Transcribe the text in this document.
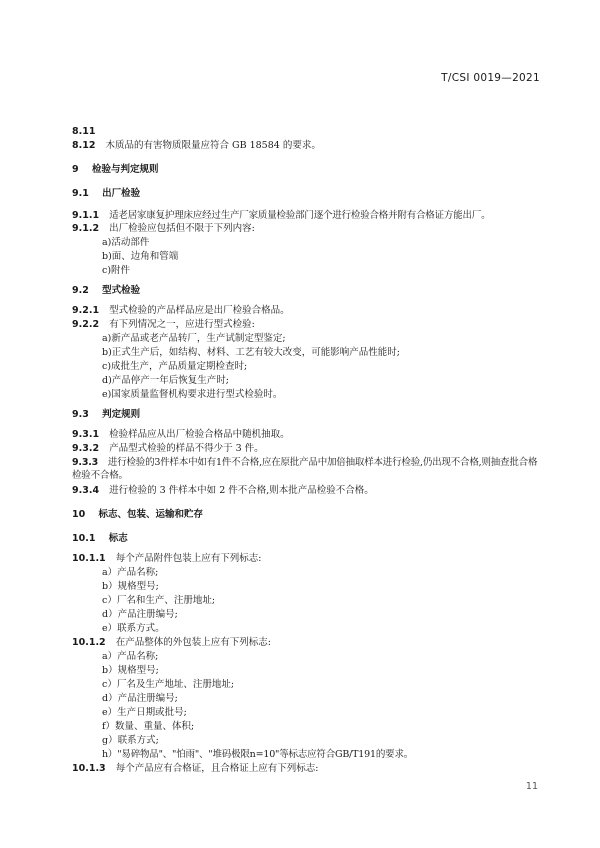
T/CSI 0019—2021
8.11
8.12 木质品的有害物质限量应符合 GB 18584 的要求。
9 检验与判定规则
9.1 出厂检验
9.1.1 适老居家康复护理床应经过生产厂家质量检验部门逐个进行检验合格并附有合格证方能出厂。
9.1.2 出厂检验应包括但不限于下列内容:
a)活动部件
b)面、边角和管端
c)附件
9.2 型式检验
9.2.1 型式检验的产品样品应是出厂检验合格品。
9.2.2 有下列情况之一，应进行型式检验:
a)新产品或老产品转厂，生产试制定型鉴定;
b)正式生产后，如结构、材料、工艺有较大改变，可能影响产品性能时;
c)成批生产，产品质量定期检查时;
d)产品停产一年后恢复生产时;
e)国家质量监督机构要求进行型式检验时。
9.3 判定规则
9.3.1 检验样品应从出厂检验合格品中随机抽取。
9.3.2 产品型式检验的样品不得少于 3 件。
9.3.3 进行检验的3件样本中如有1件不合格,应在原批产品中加倍抽取样本进行检验,仍出现不合格,则抽查批合格检验不合格。
9.3.4 进行检验的 3 件样本中如 2 件不合格,则本批产品检验不合格。
10 标志、包装、运输和贮存
10.1 标志
10.1.1 每个产品附件包装上应有下列标志:
a）产品名称;
b）规格型号;
c）厂名和生产、注册地址;
d）产品注册编号;
e）联系方式。
10.1.2 在产品整体的外包装上应有下列标志:
a）产品名称;
b）规格型号;
c）厂名及生产地址、注册地址;
d）产品注册编号;
e）生产日期或批号;
f）数量、重量、体积;
g）联系方式;
h）"易碎物品"、"怕雨"、"堆码极限n=10"等标志应符合GB/T191的要求。
10.1.3 每个产品应有合格证，且合格证上应有下列标志:
11
